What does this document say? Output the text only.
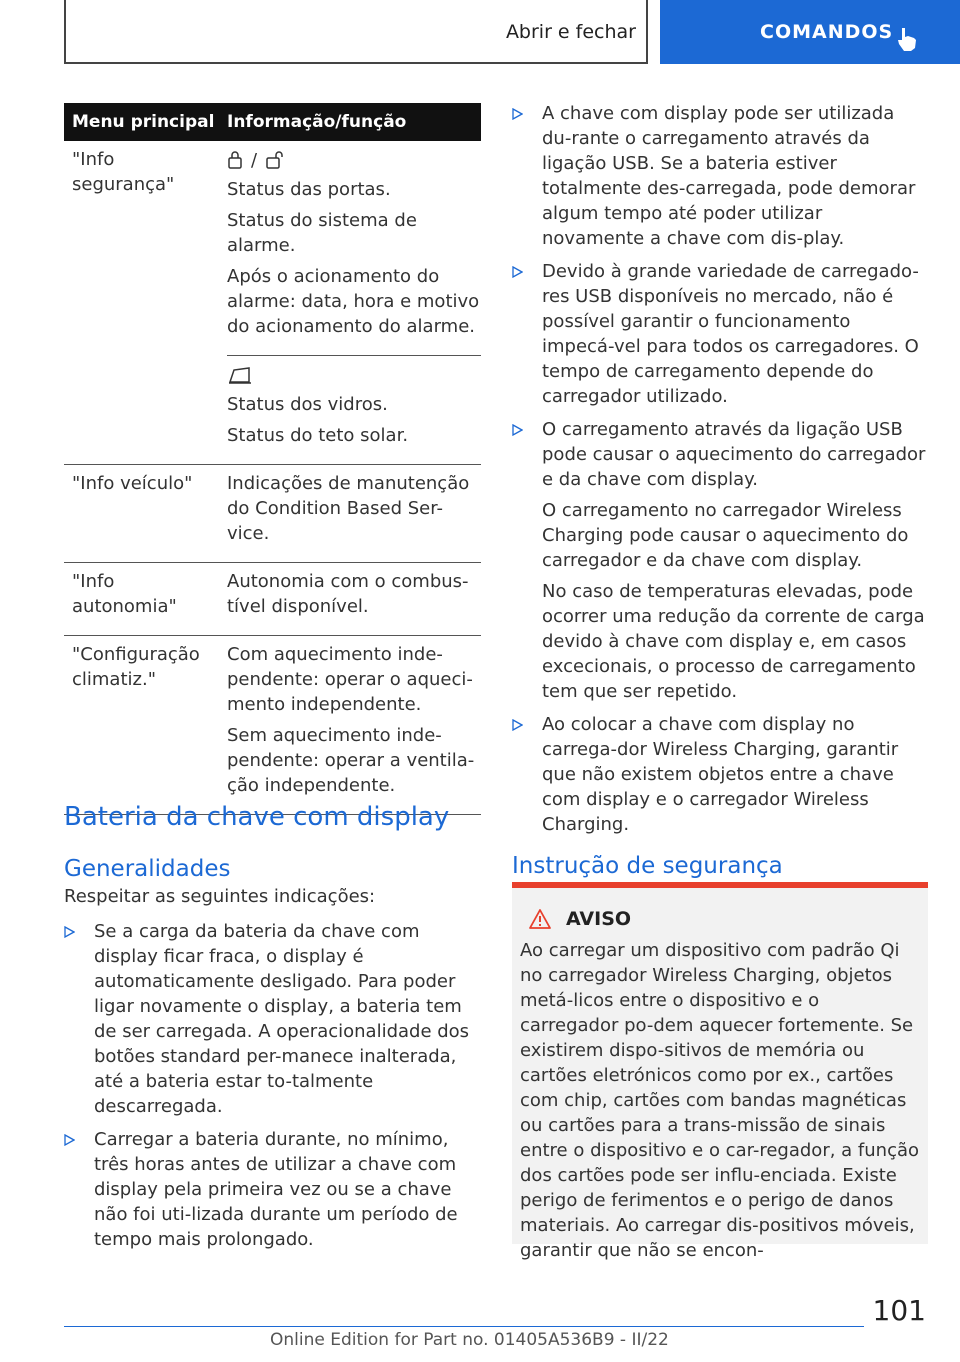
Abrir e fechar	COMANDOS
Menu principal Informação/função
"Info segurança"
/

Status das portas.

Status do sistema de alarme.

Após o acionamento do alarme: data, hora e motivo do acionamento do alarme.

Status dos vidros.

Status do teto solar.

"Info veículo"	Indicações de manutenção do Condition Based Ser-vice.

"Info autonomia"

Autonomia com o combus-tível disponível.

"Configuração climatiz."

Com aquecimento inde-pendente: operar o aqueci-mento independente.

Sem aquecimento inde-pendente: operar a ventila-ção independente.

Bateria da chave com display
Generalidades

Respeitar as seguintes indicações:

Se a carga da bateria da chave com display ficar fraca, o display é automaticamente desligado. Para poder ligar novamente o display, a bateria tem de ser carregada. A operacionalidade dos botões standard per-manece inalterada, até a bateria estar to-talmente descarregada.

Carregar a bateria durante, no mínimo, três horas antes de utilizar a chave com display pela primeira vez ou se a chave não foi uti-lizada durante um período de tempo mais prolongado.

A chave com display pode ser utilizada du-rante o carregamento através da ligação USB. Se a bateria estiver totalmente des-carregada, pode demorar algum tempo até poder utilizar novamente a chave com dis-play.

Devido à grande variedade de carregado-res USB disponíveis no mercado, não é possível garantir o funcionamento impecá-vel para todos os carregadores. O tempo de carregamento depende do carregador utilizado.

O carregamento através da ligação USB pode causar o aquecimento do carregador e da chave com display.

O carregamento no carregador Wireless Charging pode causar o aquecimento do carregador e da chave com display.

No caso de temperaturas elevadas, pode ocorrer uma redução da corrente de carga devido à chave com display e, em casos excecionais, o processo de carregamento tem que ser repetido.

Ao colocar a chave com display no carrega-dor Wireless Charging, garantir que não existem objetos entre a chave com display e o carregador Wireless Charging.

Instrução de segurança
AVISO

Ao carregar um dispositivo com padrão Qi no carregador Wireless Charging, objetos metá-licos entre o dispositivo e o carregador po-dem aquecer fortemente. Se existirem dispo-sitivos de memória ou cartões eletrónicos como por ex., cartões com chip, cartões com bandas magnéticas ou cartões para a trans-missão de sinais entre o dispositivo e o car-regador, a função dos cartões pode ser influ-enciada. Existe perigo de ferimentos e o perigo de danos materiais. Ao carregar dis-positivos móveis, garantir que não se encon-

101
Online Edition for Part no. 01405A536B9 - II/22
